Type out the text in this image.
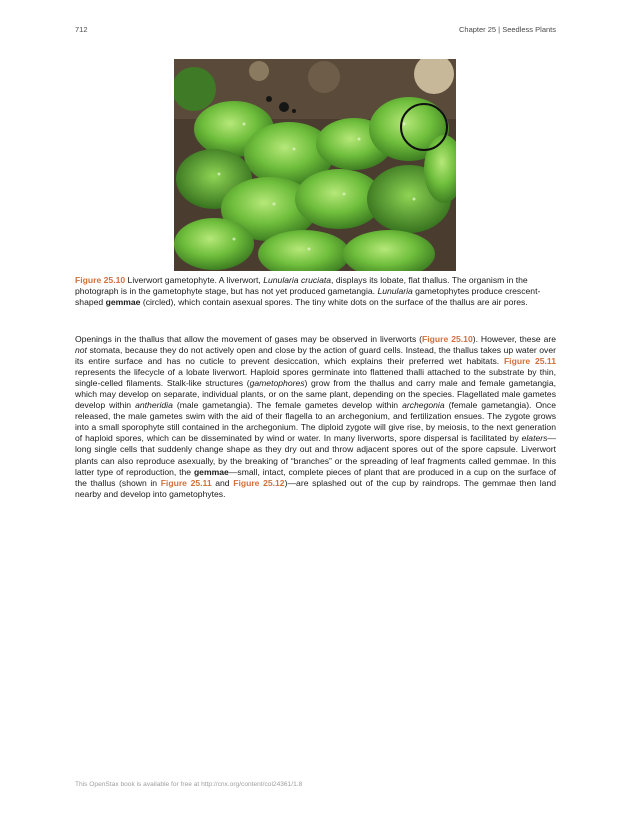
712	Chapter 25 | Seedless Plants
Figure 25.10 Liverwort gametophyte. A liverwort, Lunularia cruciata, displays its lobate, flat thallus. The organism in the photograph is in the gametophyte stage, but has not yet produced gametangia. Lunularia gametophytes produce crescent-shaped gemmae (circled), which contain asexual spores. The tiny white dots on the surface of the thallus are air pores.
Openings in the thallus that allow the movement of gases may be observed in liverworts (Figure 25.10). However, these are not stomata, because they do not actively open and close by the action of guard cells. Instead, the thallus takes up water over its entire surface and has no cuticle to prevent desiccation, which explains their preferred wet habitats. Figure 25.11 represents the lifecycle of a lobate liverwort. Haploid spores germinate into flattened thalli attached to the substrate by thin, single-celled filaments. Stalk-like structures (gametophores) grow from the thallus and carry male and female gametangia, which may develop on separate, individual plants, or on the same plant, depending on the species. Flagellated male gametes develop within antheridia (male gametangia). The female gametes develop within archegonia (female gametangia). Once released, the male gametes swim with the aid of their flagella to an archegonium, and fertilization ensues. The zygote grows into a small sporophyte still contained in the archegonium. The diploid zygote will give rise, by meiosis, to the next generation of haploid spores, which can be disseminated by wind or water. In many liverworts, spore dispersal is facilitated by elaters—long single cells that suddenly change shape as they dry out and throw adjacent spores out of the spore capsule. Liverwort plants can also reproduce asexually, by the breaking of “branches” or the spreading of leaf fragments called gemmae. In this latter type of reproduction, the gemmae—small, intact, complete pieces of plant that are produced in a cup on the surface of the thallus (shown in Figure 25.11 and Figure 25.12)—are splashed out of the cup by raindrops. The gemmae then land nearby and develop into gametophytes.
This OpenStax book is available for free at http://cnx.org/content/col24361/1.8
